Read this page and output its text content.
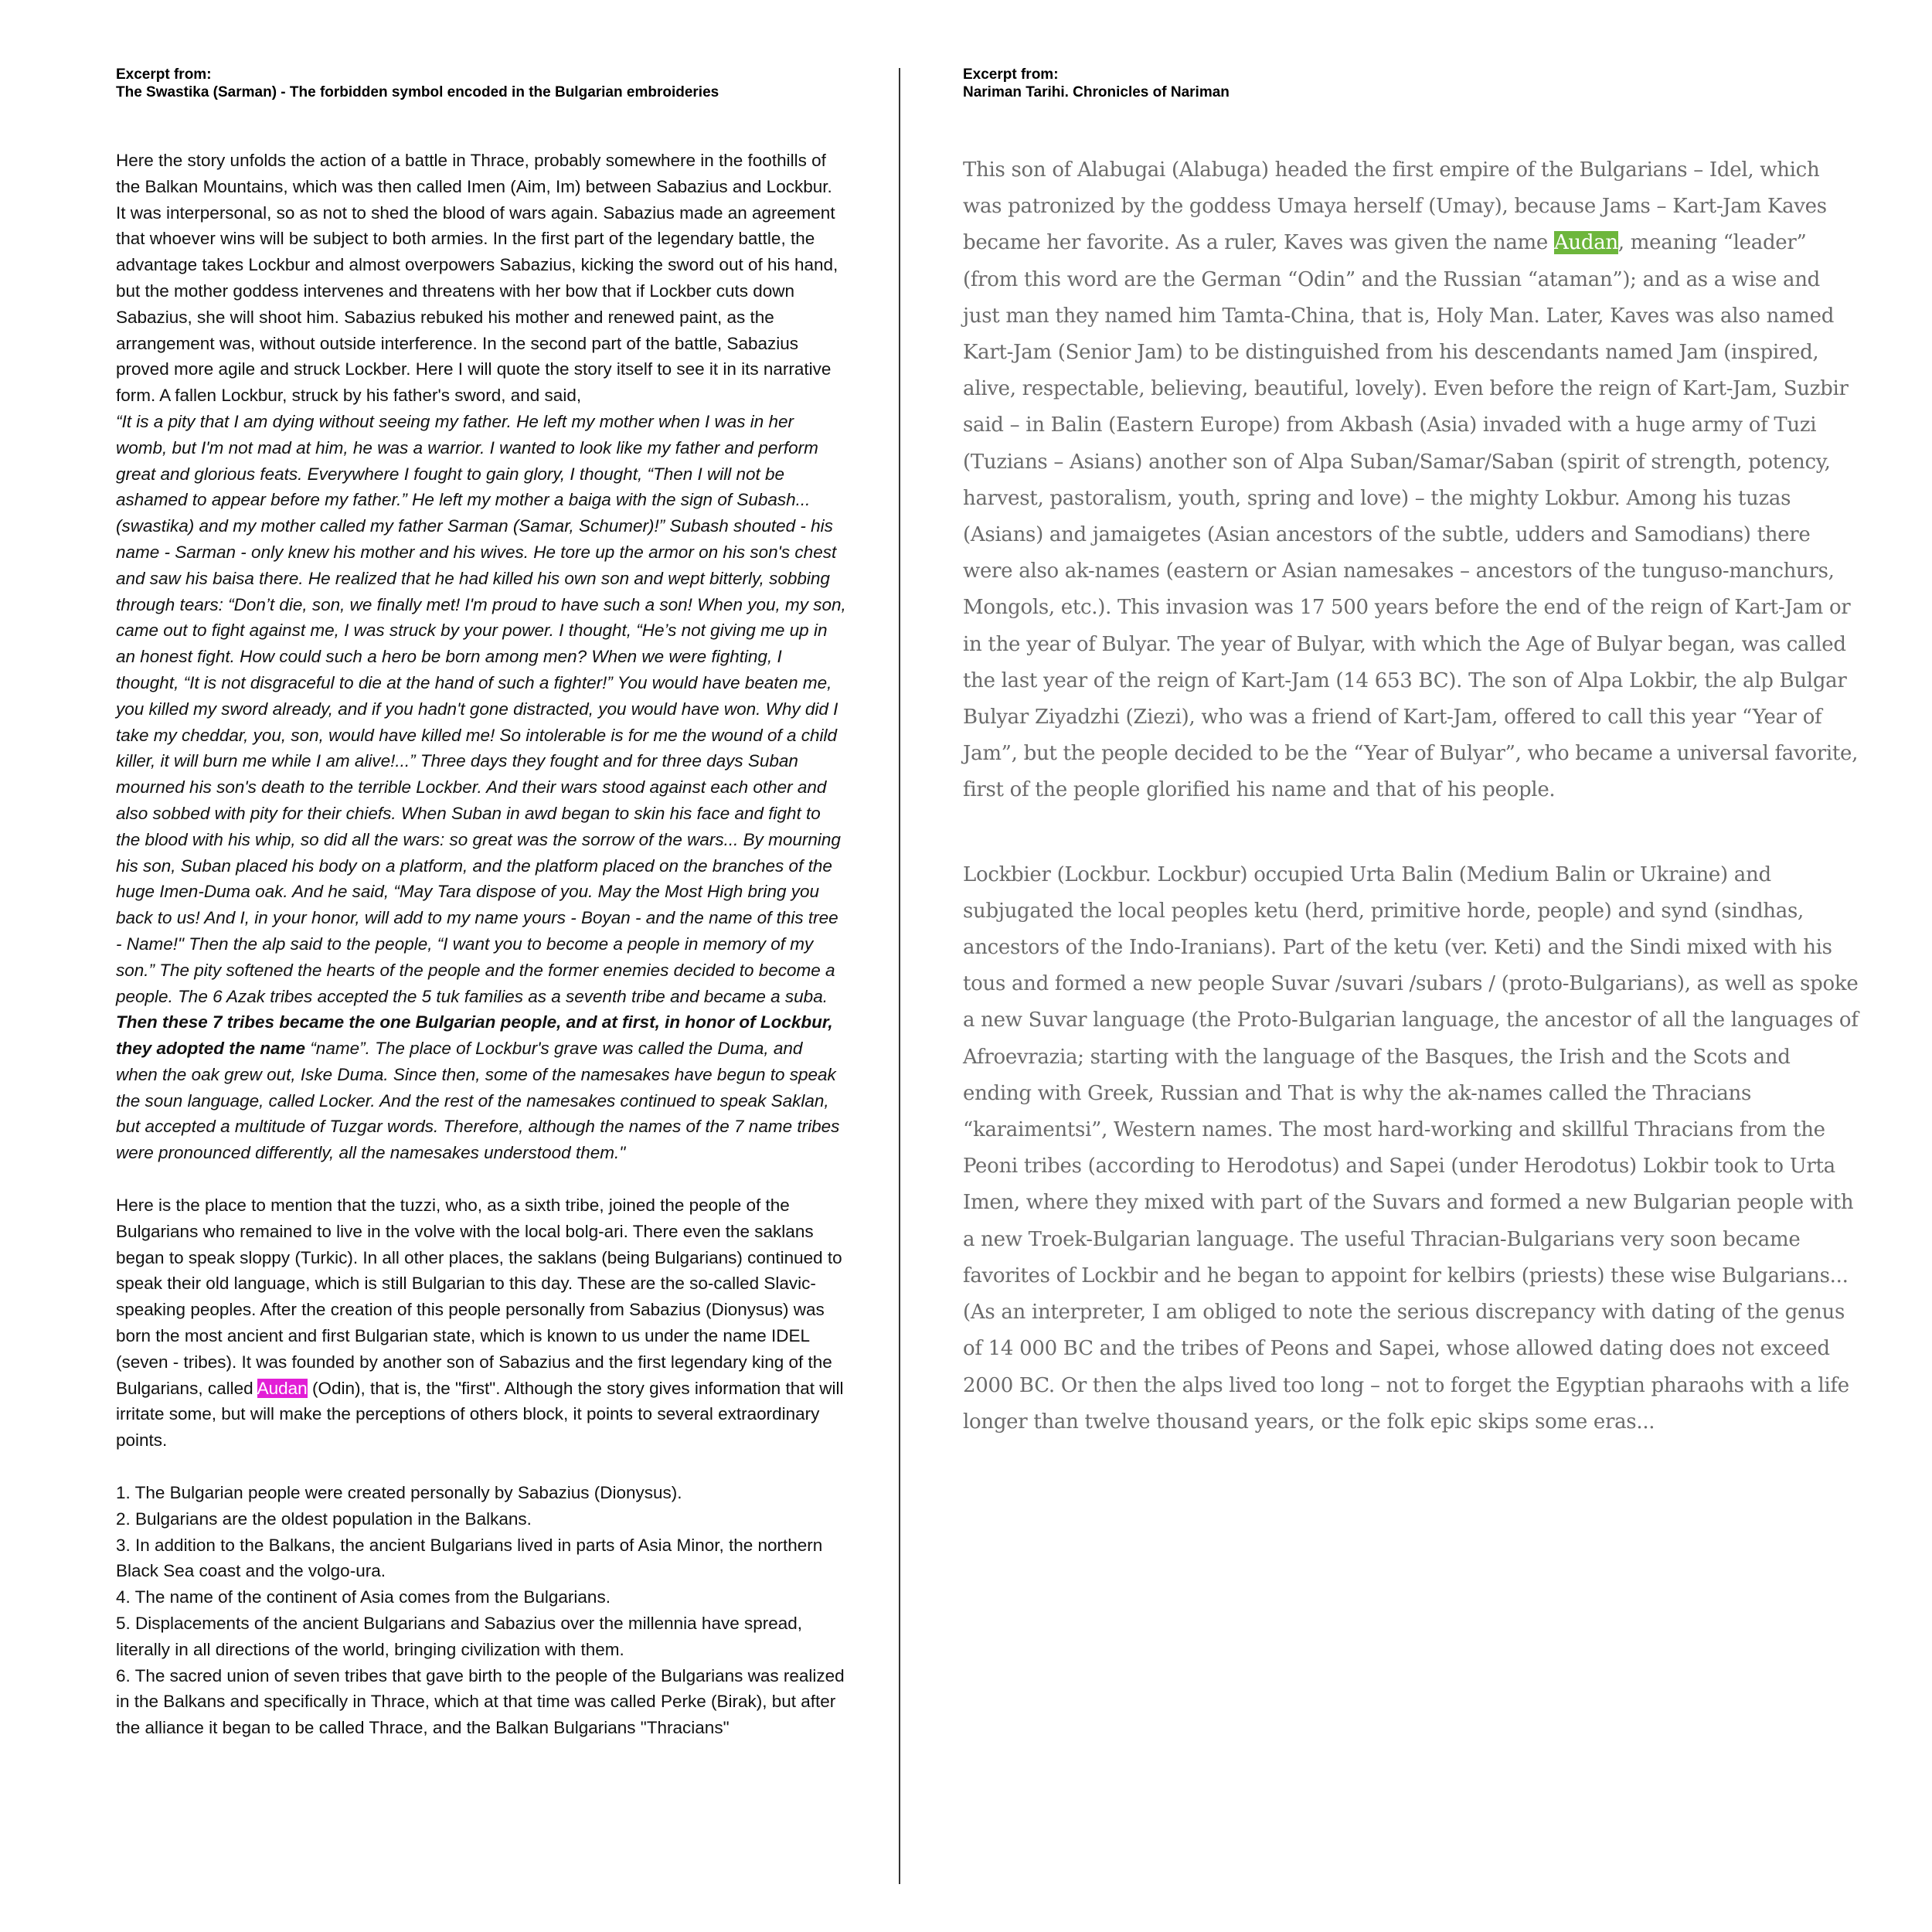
Excerpt from:
The Swastika (Sarman) - The forbidden symbol encoded in the Bulgarian embroideries

Here the story unfolds the action of a battle in Thrace, probably somewhere in the foothills of the Balkan Mountains, which was then called Imen (Aim, Im) between Sabazius and Lockbur. It was interpersonal, so as not to shed the blood of wars again. Sabazius made an agreement that whoever wins will be subject to both armies. In the first part of the legendary battle, the advantage takes Lockbur and almost overpowers Sabazius, kicking the sword out of his hand, but the mother goddess intervenes and threatens with her bow that if Lockber cuts down Sabazius, she will shoot him. Sabazius rebuked his mother and renewed paint, as the arrangement was, without outside interference. In the second part of the battle, Sabazius proved more agile and struck Lockber. Here I will quote the story itself to see it in its narrative form. A fallen Lockbur, struck by his father's sword, and said,

“It is a pity that I am dying without seeing my father. He left my mother when I was in her womb, but I'm not mad at him, he was a warrior. I wanted to look like my father and perform great and glorious feats. Everywhere I fought to gain glory, I thought, “Then I will not be ashamed to appear before my father.” He left my mother a baiga with the sign of Subash... (swastika) and my mother called my father Sarman (Samar, Schumer)!” Subash shouted - his name - Sarman - only knew his mother and his wives. He tore up the armor on his son's chest and saw his baisa there. He realized that he had killed his own son and wept bitterly, sobbing through tears: “Don’t die, son, we finally met! I'm proud to have such a son! When you, my son, came out to fight against me, I was struck by your power. I thought, “He’s not giving me up in an honest fight. How could such a hero be born among men? When we were fighting, I thought, “It is not disgraceful to die at the hand of such a fighter!” You would have beaten me, you killed my sword already, and if you hadn't gone distracted, you would have won. Why did I take my cheddar, you, son, would have killed me! So intolerable is for me the wound of a child killer, it will burn me while I am alive!...” Three days they fought and for three days Suban mourned his son's death to the terrible Lockber. And their wars stood against each other and also sobbed with pity for their chiefs. When Suban in awd began to skin his face and fight to the blood with his whip, so did all the wars: so great was the sorrow of the wars... By mourning his son, Suban placed his body on a platform, and the platform placed on the branches of the huge Imen-Duma oak. And he said, “May Tara dispose of you. May the Most High bring you back to us! And I, in your honor, will add to my name yours - Boyan - and the name of this tree - Name!" Then the alp said to the people, “I want you to become a people in memory of my son.” The pity softened the hearts of the people and the former enemies decided to become a people. The 6 Azak tribes accepted the 5 tuk families as a seventh tribe and became a suba. Then these 7 tribes became the one Bulgarian people, and at first, in honor of Lockbur, they adopted the name “name”. The place of Lockbur's grave was called the Duma, and when the oak grew out, Iske Duma. Since then, some of the namesakes have begun to speak the soun language, called Locker. And the rest of the namesakes continued to speak Saklan, but accepted a multitude of Tuzgar words. Therefore, although the names of the 7 name tribes were pronounced differently, all the namesakes understood them."

Here is the place to mention that the tuzzi, who, as a sixth tribe, joined the people of the Bulgarians who remained to live in the volve with the local bolg-ari. There even the saklans began to speak sloppy (Turkic). In all other places, the saklans (being Bulgarians) continued to speak their old language, which is still Bulgarian to this day. These are the so-called Slavic-speaking peoples. After the creation of this people personally from Sabazius (Dionysus) was born the most ancient and first Bulgarian state, which is known to us under the name IDEL (seven - tribes). It was founded by another son of Sabazius and the first legendary king of the Bulgarians, called Audan (Odin), that is, the "first". Although the story gives information that will irritate some, but will make the perceptions of others block, it points to several extraordinary points.

1. The Bulgarian people were created personally by Sabazius (Dionysus).
2. Bulgarians are the oldest population in the Balkans.
3. In addition to the Balkans, the ancient Bulgarians lived in parts of Asia Minor, the northern Black Sea coast and the volgo-ura.
4. The name of the continent of Asia comes from the Bulgarians.
5. Displacements of the ancient Bulgarians and Sabazius over the millennia have spread, literally in all directions of the world, bringing civilization with them.
6. The sacred union of seven tribes that gave birth to the people of the Bulgarians was realized in the Balkans and specifically in Thrace, which at that time was called Perke (Birak), but after the alliance it began to be called Thrace, and the Balkan Bulgarians "Thracians"
Excerpt from:
Nariman Tarihi. Chronicles of Nariman

This son of Alabugai (Alabuga) headed the first empire of the Bulgarians – Idel, which was patronized by the goddess Umaya herself (Umay), because Jams – Kart-Jam Kaves became her favorite. As a ruler, Kaves was given the name Audan, meaning “leader” (from this word are the German “Odin” and the Russian “ataman”); and as a wise and just man they named him Tamta-China, that is, Holy Man. Later, Kaves was also named Kart-Jam (Senior Jam) to be distinguished from his descendants named Jam (inspired, alive, respectable, believing, beautiful, lovely). Even before the reign of Kart-Jam, Suzbir said – in Balin (Eastern Europe) from Akbash (Asia) invaded with a huge army of Tuzi (Tuzians – Asians) another son of Alpa Suban/Samar/Saban (spirit of strength, potency, harvest, pastoralism, youth, spring and love) – the mighty Lokbur. Among his tuzas (Asians) and jamaigetes (Asian ancestors of the subtle, udders and Samodians) there were also ak-names (eastern or Asian namesakes – ancestors of the tunguso-manchurs, Mongols, etc.). This invasion was 17 500 years before the end of the reign of Kart-Jam or in the year of Bulyar. The year of Bulyar, with which the Age of Bulyar began, was called the last year of the reign of Kart-Jam (14 653 BC). The son of Alpa Lokbir, the alp Bulgar Bulyar Ziyadzhi (Ziezi), who was a friend of Kart-Jam, offered to call this year “Year of Jam”, but the people decided to be the “Year of Bulyar”, who became a universal favorite, first of the people glorified his name and that of his people.

Lockbier (Lockbur. Lockbur) occupied Urta Balin (Medium Balin or Ukraine) and subjugated the local peoples ketu (herd, primitive horde, people) and synd (sindhas, ancestors of the Indo-Iranians). Part of the ketu (ver. Keti) and the Sindi mixed with his tous and formed a new people Suvar /suvari /subars / (proto-Bulgarians), as well as spoke a new Suvar language (the Proto-Bulgarian language, the ancestor of all the languages of Afroevrazia; starting with the language of the Basques, the Irish and the Scots and ending with Greek, Russian and That is why the ak-names called the Thracians “karaimentsi”, Western names. The most hard-working and skillful Thracians from the Peoni tribes (according to Herodotus) and Sapei (under Herodotus) Lokbir took to Urta Imen, where they mixed with part of the Suvars and formed a new Bulgarian people with a new Troek-Bulgarian language. The useful Thracian-Bulgarians very soon became favorites of Lockbir and he began to appoint for kelbirs (priests) these wise Bulgarians...

(As an interpreter, I am obliged to note the serious discrepancy with dating of the genus of 14 000 BC and the tribes of Peons and Sapei, whose allowed dating does not exceed 2000 BC. Or then the alps lived too long – not to forget the Egyptian pharaohs with a life longer than twelve thousand years, or the folk epic skips some eras...
